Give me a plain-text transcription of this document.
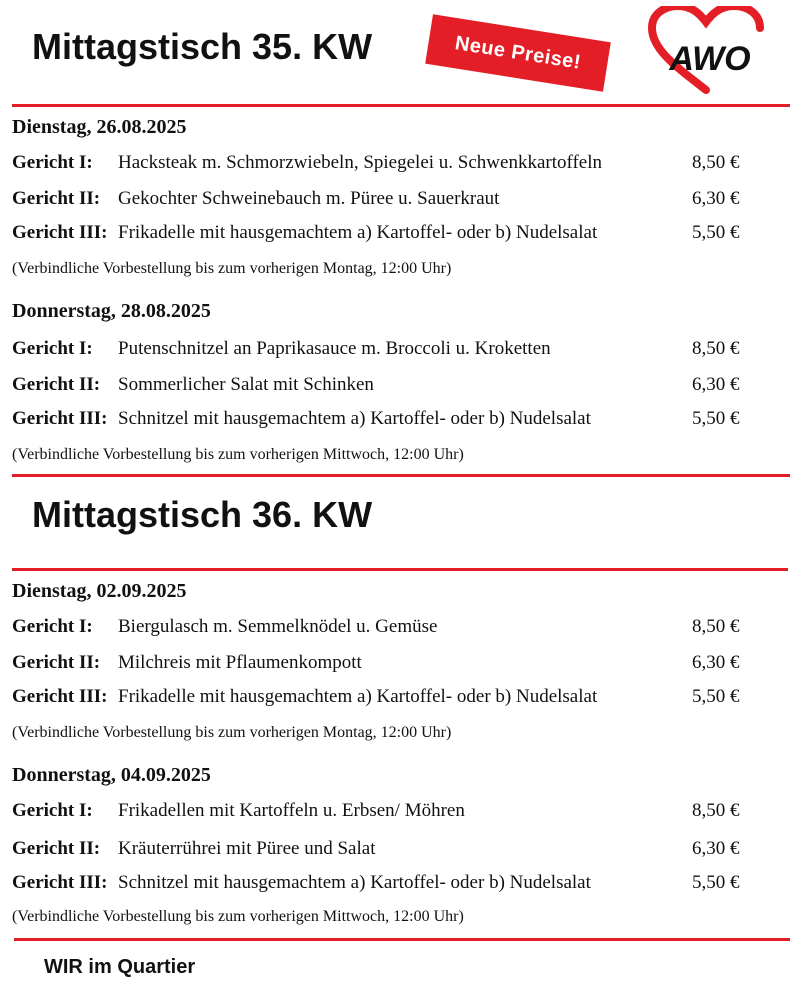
Mittagstisch 35. KW	Neue Preise!	AWO
Dienstag, 26.08.2025
Gericht I: Hacksteak m. Schmorzwiebeln, Spiegelei u. Schwenkkartoffeln	8,50 €
Gericht II: Gekochter Schweinebauch m. Püree u. Sauerkraut	6,30 €
Gericht III: Frikadelle mit hausgemachtem a) Kartoffel- oder b) Nudelsalat	5,50 €
(Verbindliche Vorbestellung bis zum vorherigen Montag, 12:00 Uhr)
Donnerstag, 28.08.2025
Gericht I: Putenschnitzel an Paprikasauce m. Broccoli u. Kroketten	8,50 €
Gericht II: Sommerlicher Salat mit Schinken	6,30 €
Gericht III: Schnitzel mit hausgemachtem a) Kartoffel- oder b) Nudelsalat	5,50 €
(Verbindliche Vorbestellung bis zum vorherigen Mittwoch, 12:00 Uhr)
Mittagstisch 36. KW
Dienstag, 02.09.2025
Gericht I: Biergulasch m. Semmelknödel u. Gemüse	8,50 €
Gericht II: Milchreis mit Pflaumenkompott	6,30 €
Gericht III: Frikadelle mit hausgemachtem a) Kartoffel- oder b) Nudelsalat	5,50 €
(Verbindliche Vorbestellung bis zum vorherigen Montag, 12:00 Uhr)
Donnerstag, 04.09.2025
Gericht I: Frikadellen mit Kartoffeln u. Erbsen/ Möhren	8,50 €
Gericht II: Kräuterrührei mit Püree und Salat	6,30 €
Gericht III: Schnitzel mit hausgemachtem a) Kartoffel- oder b) Nudelsalat	5,50 €
(Verbindliche Vorbestellung bis zum vorherigen Mittwoch, 12:00 Uhr)

WIR im Quartier
